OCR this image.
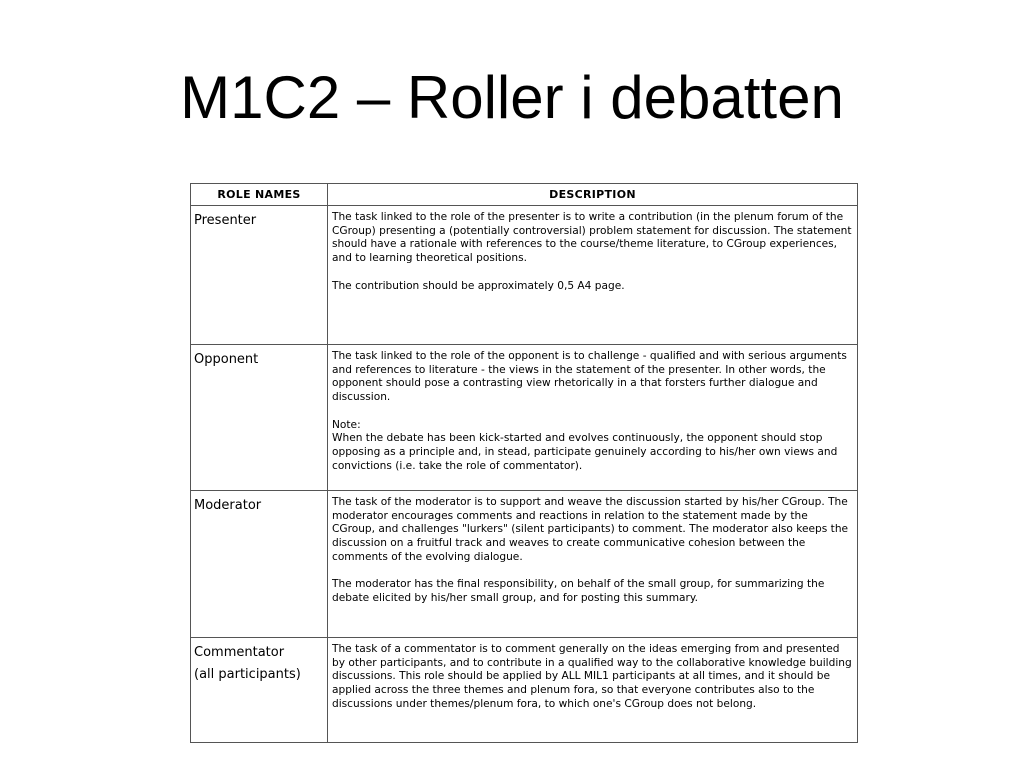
M1C2 – Roller i debatten
ROLE NAMES	DESCRIPTION

Presenter	The task linked to the role of the presenter is to write a contribution (in the plenum forum of the CGroup) presenting a (potentially controversial) problem statement for discussion. The statement should have a rationale with references to the course/theme literature, to CGroup experiences, and to learning theoretical positions.

The contribution should be approximately 0,5 A4 page.

Opponent	The task linked to the role of the opponent is to challenge - qualified and with serious arguments and references to literature - the views in the statement of the presenter. In other words, the opponent should pose a contrasting view rhetorically in a that forsters further dialogue and discussion.

Note:
When the debate has been kick-started and evolves continuously, the opponent should stop opposing as a principle and, in stead, participate genuinely according to his/her own views and convictions (i.e. take the role of commentator).

Moderator	The task of the moderator is to support and weave the discussion started by his/her CGroup. The moderator encourages comments and reactions in relation to the statement made by the CGroup, and challenges "lurkers" (silent participants) to comment. The moderator also keeps the discussion on a fruitful track and weaves to create communicative cohesion between the comments of the evolving dialogue.

The moderator has the final responsibility, on behalf of the small group, for summarizing the debate elicited by his/her small group, and for posting this summary.

Commentator
(all participants)	The task of a commentator is to comment generally on the ideas emerging from and presented by other participants, and to contribute in a qualified way to the collaborative knowledge building discussions. This role should be applied by ALL MIL1 participants at all times, and it should be applied across the three themes and plenum fora, so that everyone contributes also to the discussions under themes/plenum fora, to which one's CGroup does not belong.
